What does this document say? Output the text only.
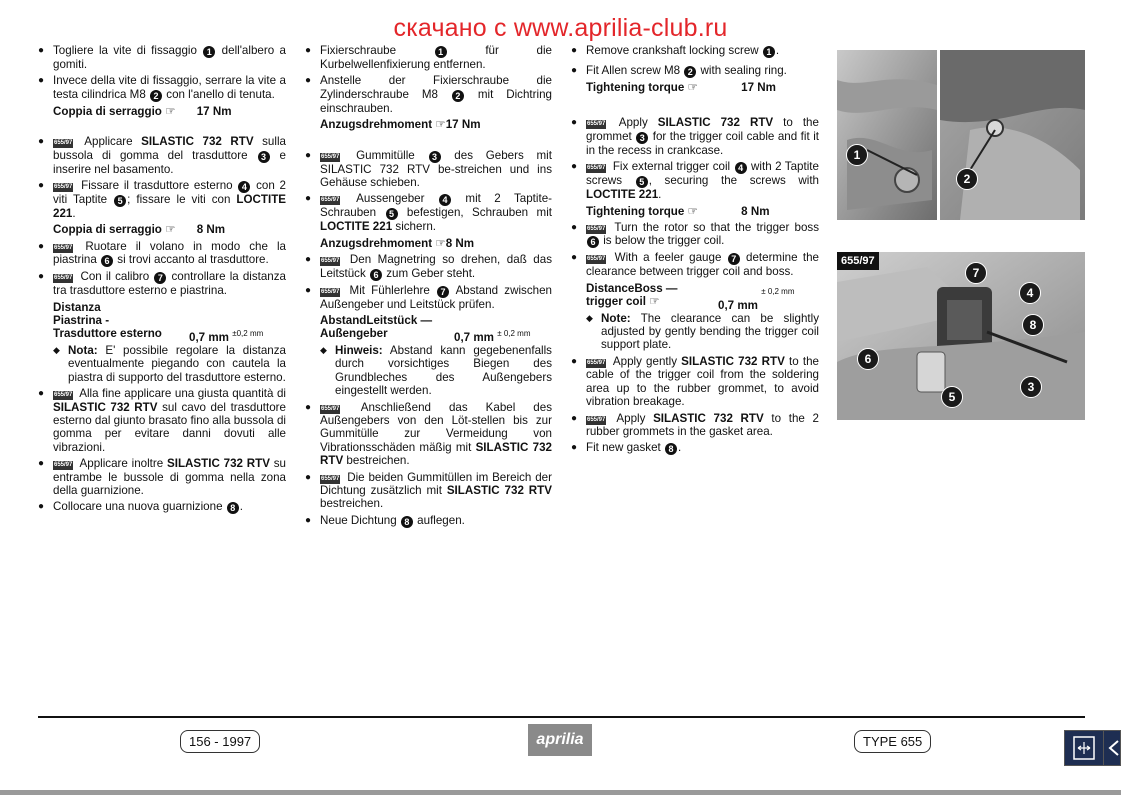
скачано с www.aprilia-club.ru
● Togliere la vite di fissaggio 1 dell'albero a gomiti.
● Invece della vite di fissaggio, serrare la vite a testa cilindrica M8 2 con l'anello di tenuta.
Coppia di serraggio ☞ 17 Nm
● 655/97 Applicare SILASTIC 732 RTV sulla bussola di gomma del trasduttore 3 e inserire nel basamento.
● 655/97 Fissare il trasduttore esterno 4 con 2 viti Taptite 5 ; fissare le viti con LOCTITE 221.
Coppia di serraggio ☞ 8 Nm
● 655/97 Ruotare il volano in modo che la piastrina 6 si trovi accanto al trasduttore.
● 655/97 Con il calibro 7 controllare la distanza tra trasduttore esterno e piastrina.
Distanza
Piastrina -
Trasduttore esterno 0,7 mm $^{\pm 0,2 mm}$
◆ Nota: E' possibile regolare la distanza eventualmente piegando con cautela la piastra di supporto del trasduttore esterno.
● 655/97 Alla fine applicare una giusta quantità di SILASTIC 732 RTV sul cavo del trasduttore esterno dal giunto brasato fino alla bussola di gomma per evitare danni dovuti alle vibrazioni.
● 655/97 Applicare inoltre SILASTIC 732 RTV su entrambe le bussole di gomma nella zona della guarnizione.
● Collocare una nuova guarnizione 8 .
● Fixierschraube	1	für die Kurbelwellenfixierung entfernen.
● Anstelle der Fixierschraube die Zylinderschraube M8 2 mit Dichtring einschrauben.
Anzugsdrehmoment ☞17 Nm
● 655/97 Gummitülle 3 des Gebers mit SILASTIC 732 RTV be-streichen und ins Gehäuse schieben.
● 655/97 Aussengeber 4 mit 2 Taptite-Schrauben 5 befestigen, Schrauben mit LOCTITE 221 sichern.
Anzugsdrehmoment ☞8 Nm
● 655/97 Den Magnetring so drehen, daß das Leitstück 6 zum Geber steht.
● 655/97 Mit Fühlerlehre 7 Abstand zwischen Außengeber und Leitstück prüfen.
AbstandLeitstück —
Außengeber	0,7 mm $^{\pm 0,2 mm}$
◆ Hinweis: Abstand kann gegebenenfalls durch vorsichtiges Biegen des Grundbleches des Außengebers eingestellt werden.
● 655/97 Anschließend das Kabel des Außengebers von den Löt-stellen bis zur Gummitülle zur Vermeidung von Vibrationsschäden mäßig mit SILASTIC 732 RTV bestreichen.
● 655/97 Die beiden Gummitüllen im Bereich der Dichtung zusätzlich mit SILASTIC 732 RTV bestreichen.
● Neue Dichtung 8 auflegen.
● Remove crankshaft locking screw 1 .
● Fit Allen screw M8 2 with sealing ring.
Tightening torque ☞	17 Nm
● 655/97 Apply SILASTIC 732 RTV to the grommet 3 for the trigger coil cable and fit it in the recess in crankcase.
● 655/97 Fix external trigger coil 4 with 2 Taptite screws 5 , securing the screws with LOCTITE 221.
Tightening torque ☞	8 Nm
● 655/97 Turn the rotor so that the trigger boss 6 is below the trigger coil.
● 655/97 With a feeler gauge 7 determine the clearance between trigger coil and boss.
DistanceBoss —
trigger coil ☞	0,7 mm $^{\pm 0,2 mm}$
◆ Note: The clearance can be slightly adjusted by gently bending the trigger coil support plate.
● 655/97 Apply gently SILASTIC 732 RTV to the cable of the trigger coil from the soldering area up to the rubber grommet, to avoid vibration breakage.
● 655/97 Apply SILASTIC 732 RTV to the 2 rubber grommets in the gasket area.
● Fit new gasket 8 .
1
2
655/97
7
4
8
6
3
5
156 - 1997	aprilia	TYPE 655
